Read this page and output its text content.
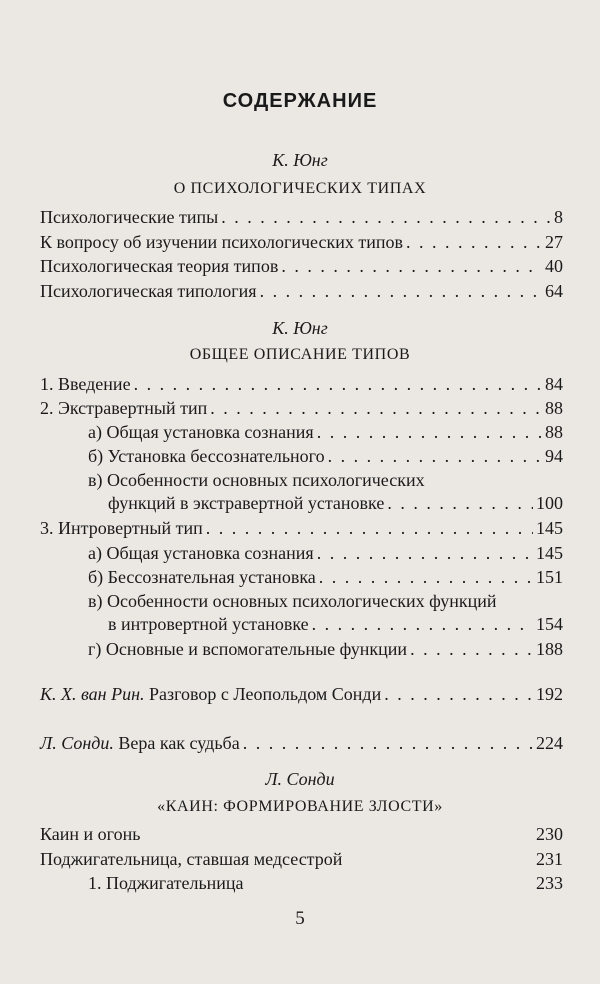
СОДЕРЖАНИЕ
К. Юнг
О ПСИХОЛОГИЧЕСКИХ ТИПАХ
Психологические типы . . .	8
К вопросу об изучении психологических типов . . .	27
Психологическая теория типов . . .	40
Психологическая типология . . .	64
К. Юнг
ОБЩЕЕ ОПИСАНИЕ ТИПОВ
1. Введение . . .	84
2. Экстравертный тип . . .	88
а) Общая установка сознания . . .	88
б) Установка бессознательного . . .	94
в) Особенности основных психологических
функций в экстравертной установке . . .	100
3. Интровертный тип . . .	145
а) Общая установка сознания . . .	145
б) Бессознательная установка . . .	151
в) Особенности основных психологических функций
в интровертной установке . . .	154
г) Основные и вспомогательные функции . . .	188
К. Х. ван Рин. Разговор с Леопольдом Сонди . . .	192
Л. Сонди. Вера как судьба . . .	224
Л. Сонди
«КАИН: ФОРМИРОВАНИЕ ЗЛОСТИ»
Каин и огонь	230
Поджигательница, ставшая медсестрой	231
1. Поджигательница	233
5
